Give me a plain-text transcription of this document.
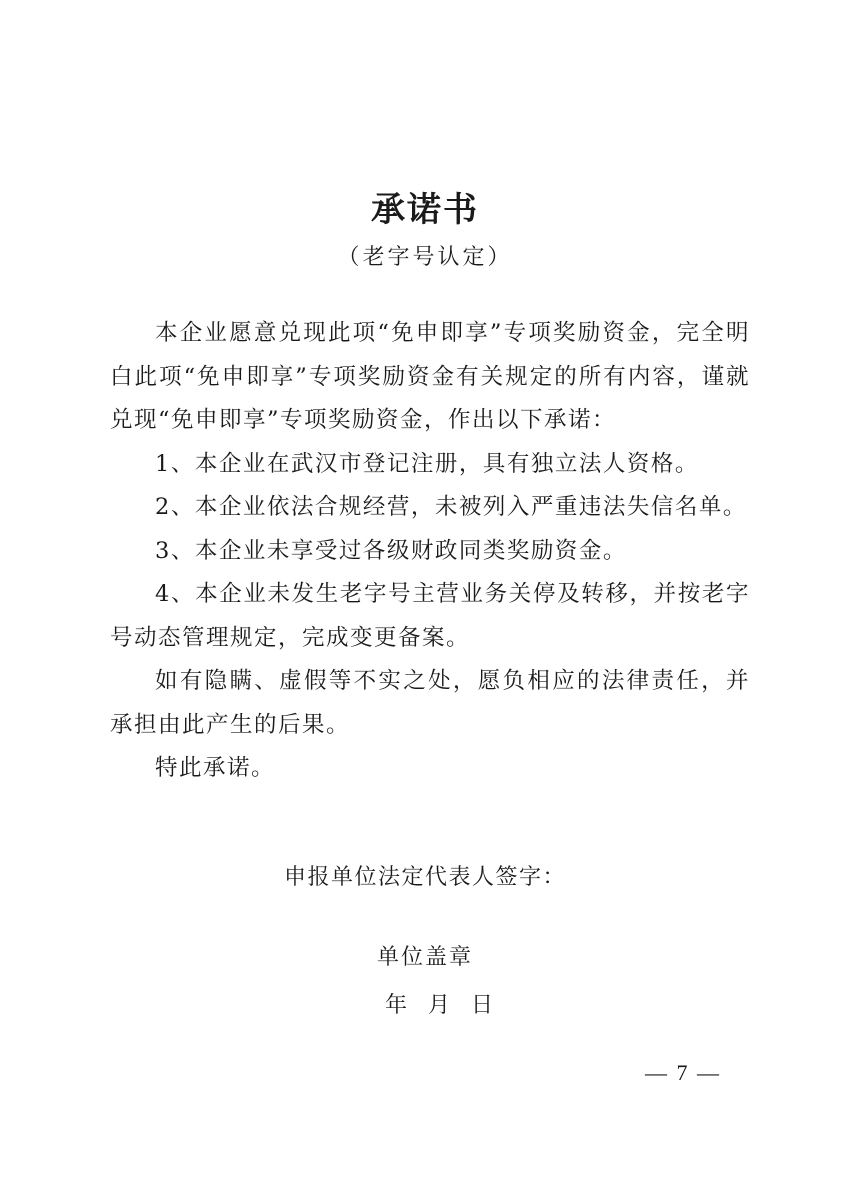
承诺书
（老字号认定）

本企业愿意兑现此项“免申即享”专项奖励资金，完全明白此项“免申即享”专项奖励资金有关规定的所有内容，谨就兑现“免申即享”专项奖励资金，作出以下承诺：

1、本企业在武汉市登记注册，具有独立法人资格。

2、本企业依法合规经营，未被列入严重违法失信名单。

3、本企业未享受过各级财政同类奖励资金。

4、本企业未发生老字号主营业务关停及转移，并按老字号动态管理规定，完成变更备案。

如有隐瞒、虚假等不实之处，愿负相应的法律责任，并承担由此产生的后果。

特此承诺。

申报单位法定代表人签字：
单位盖章
年   月   日
— 7 —
